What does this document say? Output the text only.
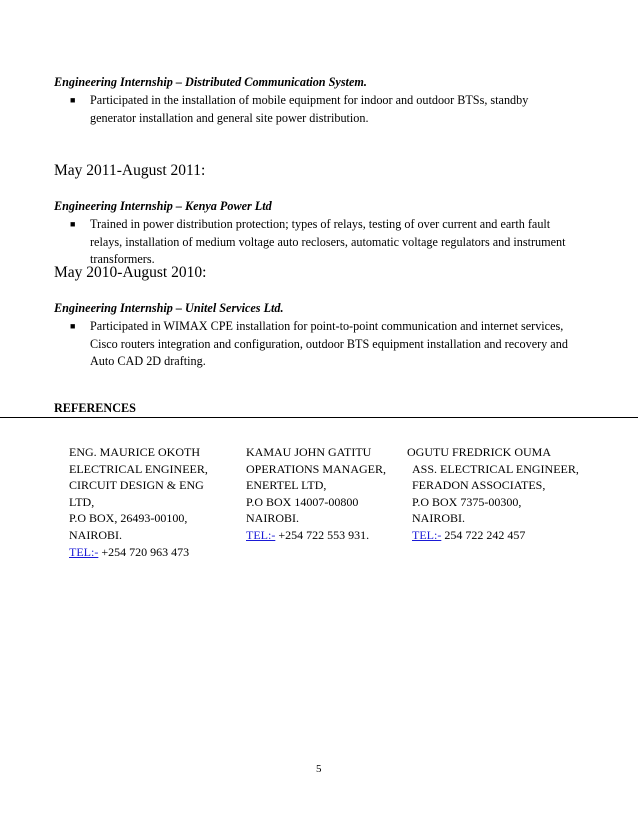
Engineering Internship – Distributed Communication System.
■ Participated in the installation of mobile equipment for indoor and outdoor BTSs, standby
generator installation and general site power distribution.
May 2011-August 2011:
Engineering Internship – Kenya Power Ltd
■ Trained in power distribution protection; types of relays, testing of over current and earth fault
relays, installation of medium voltage auto reclosers, automatic voltage regulators and instrument
transformers.
May 2010-August 2010:
Engineering Internship – Unitel Services Ltd.
■ Participated in WIMAX CPE installation for point-to-point communication and internet services,
Cisco routers integration and configuration, outdoor BTS equipment installation and recovery and
Auto CAD 2D drafting.
REFERENCES
ENG. MAURICE OKOTH
ELECTRICAL ENGINEER,
CIRCUIT DESIGN & ENG
LTD,
P.O BOX, 26493-00100,
NAIROBI.
TEL:- +254 720 963 473
KAMAU JOHN GATITU
OPERATIONS MANAGER,
ENERTEL LTD,
P.O BOX 14007-00800
NAIROBI.
TEL:- +254 722 553 931.
OGUTU FREDRICK OUMA
ASS. ELECTRICAL ENGINEER,
FERADON ASSOCIATES,
P.O BOX 7375-00300,
NAIROBI.
TEL:- 254 722 242 457
5
